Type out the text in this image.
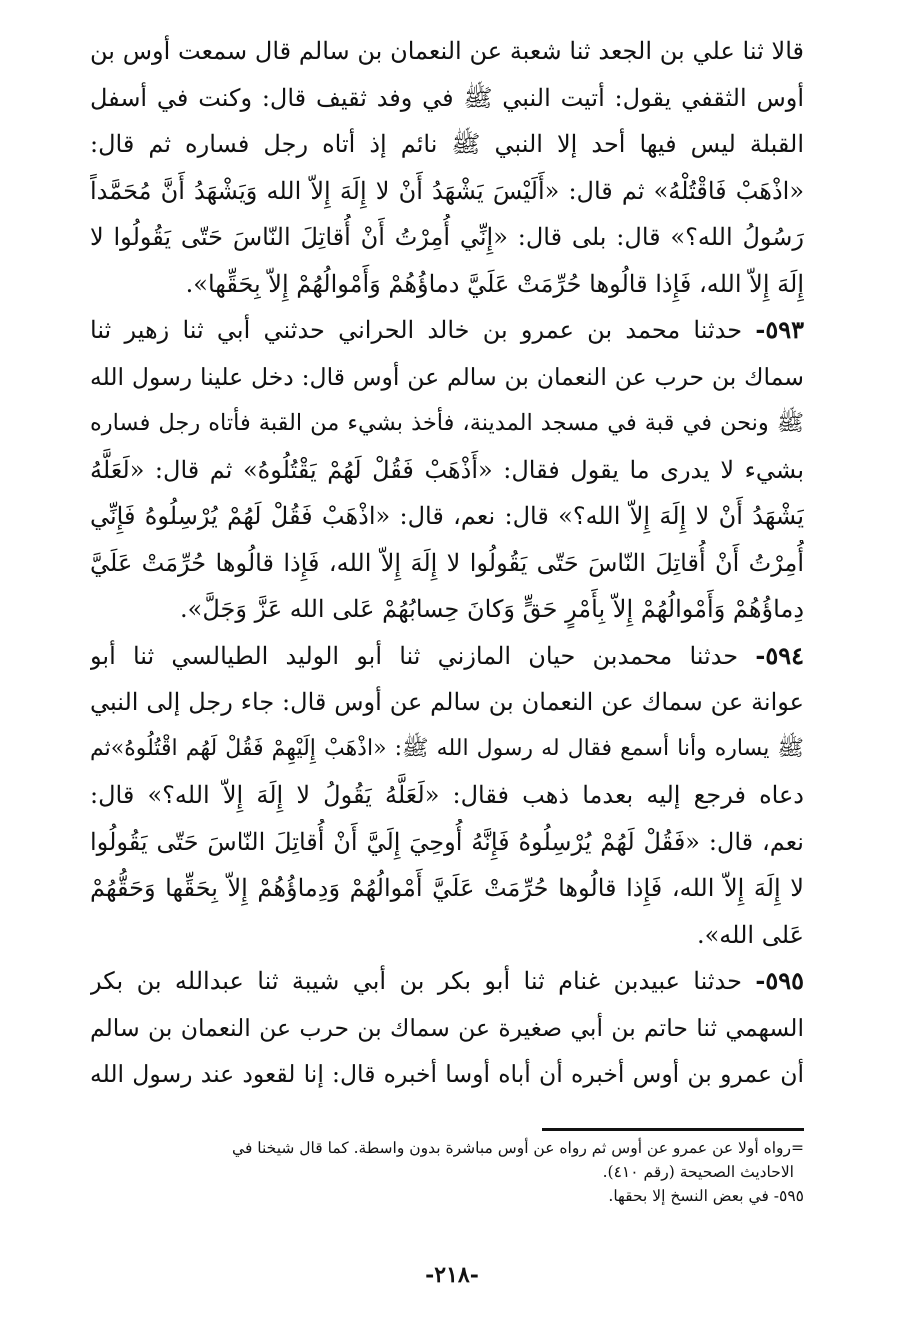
قالا ثنا علي بن الجعد ثنا شعبة عن النعمان بن سالم قال سمعت أوس بن
أوس الثقفي يقول: أتيت النبي ﷺ في وفد ثقيف قال: وكنت في أسفل
القبلة ليس فيها أحد إلا النبي ﷺ نائم إذ أتاه رجل فساره ثم قال:
«اذْهَبْ فَاقْتُلْهُ» ثم قال: «أَلَيْسَ يَشْهَدُ أَنْ لا إِلَهَ إِلاّ الله وَيَشْهَدُ أَنَّ مُحَمَّداً
رَسُولُ الله؟» قال: بلى قال: «إِنِّي أُمِرْتُ أَنْ أُقاتِلَ النّاسَ حَتّى يَقُولُوا لا
إِلَهَ إِلاّ الله، فَإِذا قالُوها حُرِّمَتْ عَلَيَّ دماؤُهُمْ وَأَمْوالُهُمْ إِلاّ بِحَقِّها».
٥٩٣- حدثنا محمد بن عمرو بن خالد الحراني حدثني أبي ثنا زهير ثنا
سماك بن حرب عن النعمان بن سالم عن أوس قال: دخل علينا رسول الله
ﷺ ونحن في قبة في مسجد المدينة، فأخذ بشيء من القبة فأتاه رجل فساره
بشيء لا يدرى ما يقول فقال: «أَذْهَبْ فَقُلْ لَهُمْ يَقْتُلُوهُ» ثم قال: «لَعَلَّهُ
يَشْهَدُ أَنْ لا إِلَهَ إِلاّ الله؟» قال: نعم، قال: «اذْهَبْ فَقُلْ لَهُمْ يُرْسِلُوهُ فَإِنِّي
أُمِرْتُ أَنْ أُقاتِلَ النّاسَ حَتّى يَقُولُوا لا إِلَهَ إِلاّ الله، فَإِذا قالُوها حُرِّمَتْ عَلَيَّ
دِماؤُهُمْ وَأَمْوالُهُمْ إِلاّ بِأَمْرٍ حَقٍّ وَكانَ حِسابُهُمْ عَلى الله عَزَّ وَجَلَّ».
٥٩٤- حدثنا محمدبن حيان المازني ثنا أبو الوليد الطيالسي ثنا أبو
عوانة عن سماك عن النعمان بن سالم عن أوس قال: جاء رجل إلى النبي
ﷺ يساره وأنا أسمع فقال له رسول الله ﷺ: «اذْهَبْ إِلَيْهِمْ فَقُلْ لَهُم اقْتُلُوهُ»ثم
دعاه فرجع إليه بعدما ذهب فقال: «لَعَلَّهُ يَقُولُ لا إِلَهَ إِلاّ الله؟» قال:
نعم، قال: «فَقُلْ لَهُمْ يُرْسِلُوهُ فَإِنَّهُ أُوحِيَ إِلَيَّ أَنْ أُقاتِلَ النّاسَ حَتّى يَقُولُوا
لا إِلَهَ إِلاّ الله، فَإِذا قالُوها حُرِّمَتْ عَلَيَّ أَمْوالُهُمْ وَدِماؤُهُمْ إِلاّ بِحَقِّها وَحَقُّهُمْ
عَلى الله».
٥٩٥- حدثنا عبيدبن غنام ثنا أبو بكر بن أبي شيبة ثنا عبدالله بن بكر
السهمي ثنا حاتم بن أبي صغيرة عن سماك بن حرب عن النعمان بن سالم
أن عمرو بن أوس أخبره أن أباه أوسا أخبره قال: إنا لقعود عند رسول الله
=رواه أولا عن عمرو عن أوس ثم رواه عن أوس مباشرة بدون واسطة. كما قال شيخنا في
الاحاديث الصحيحة (رقم ٤١٠).
٥٩٥- في بعض النسخ إلا بحقها.
-٢١٨-
